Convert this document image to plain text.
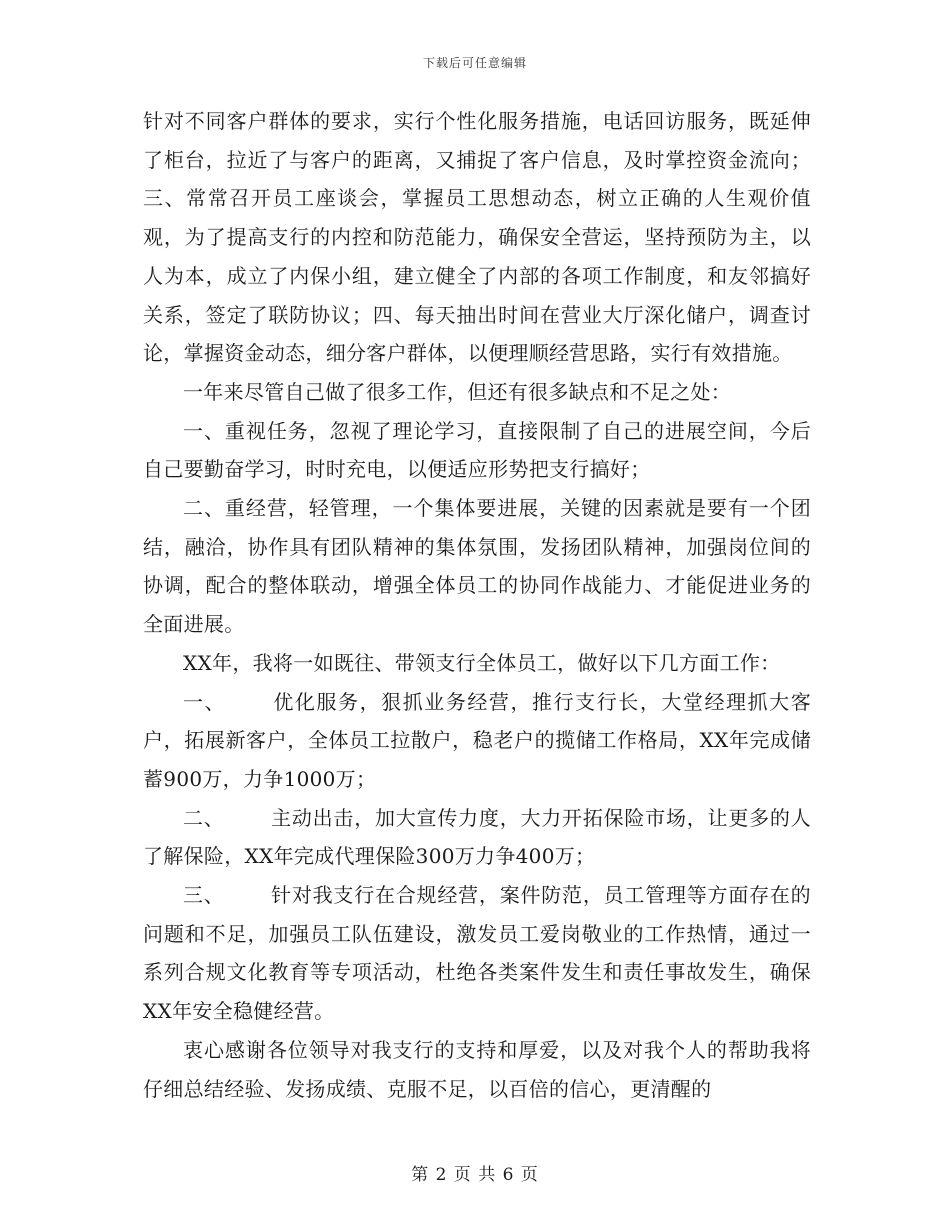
下载后可任意编辑

针对不同客户群体的要求，实行个性化服务措施，电话回访服务，既延伸了柜台，拉近了与客户的距离，又捕捉了客户信息，及时掌控资金流向；三、常常召开员工座谈会，掌握员工思想动态，树立正确的人生观价值观，为了提高支行的内控和防范能力，确保安全营运，坚持预防为主，以人为本，成立了内保小组，建立健全了内部的各项工作制度，和友邻搞好关系，签定了联防协议；四、每天抽出时间在营业大厅深化储户，调查讨论，掌握资金动态，细分客户群体，以便理顺经营思路，实行有效措施。

一年来尽管自己做了很多工作，但还有很多缺点和不足之处：

一、重视任务，忽视了理论学习，直接限制了自己的进展空间，今后自己要勤奋学习，时时充电，以便适应形势把支行搞好；

二、重经营，轻管理，一个集体要进展，关键的因素就是要有一个团结，融洽，协作具有团队精神的集体氛围，发扬团队精神，加强岗位间的协调，配合的整体联动，增强全体员工的协同作战能力、才能促进业务的全面进展。

XX年，我将一如既往、带领支行全体员工，做好以下几方面工作：

一、 优化服务，狠抓业务经营，推行支行长，大堂经理抓大客户，拓展新客户，全体员工拉散户，稳老户的揽储工作格局，XX年完成储蓄900万，力争1000万；

二、 主动出击，加大宣传力度，大力开拓保险市场，让更多的人了解保险，XX年完成代理保险300万力争400万；

三、 针对我支行在合规经营，案件防范，员工管理等方面存在的问题和不足，加强员工队伍建设，激发员工爱岗敬业的工作热情，通过一系列合规文化教育等专项活动，杜绝各类案件发生和责任事故发生，确保XX年安全稳健经营。

衷心感谢各位领导对我支行的支持和厚爱，以及对我个人的帮助我将仔细总结经验、发扬成绩、克服不足，以百倍的信心，更清醒的

第 2 页 共 6 页
